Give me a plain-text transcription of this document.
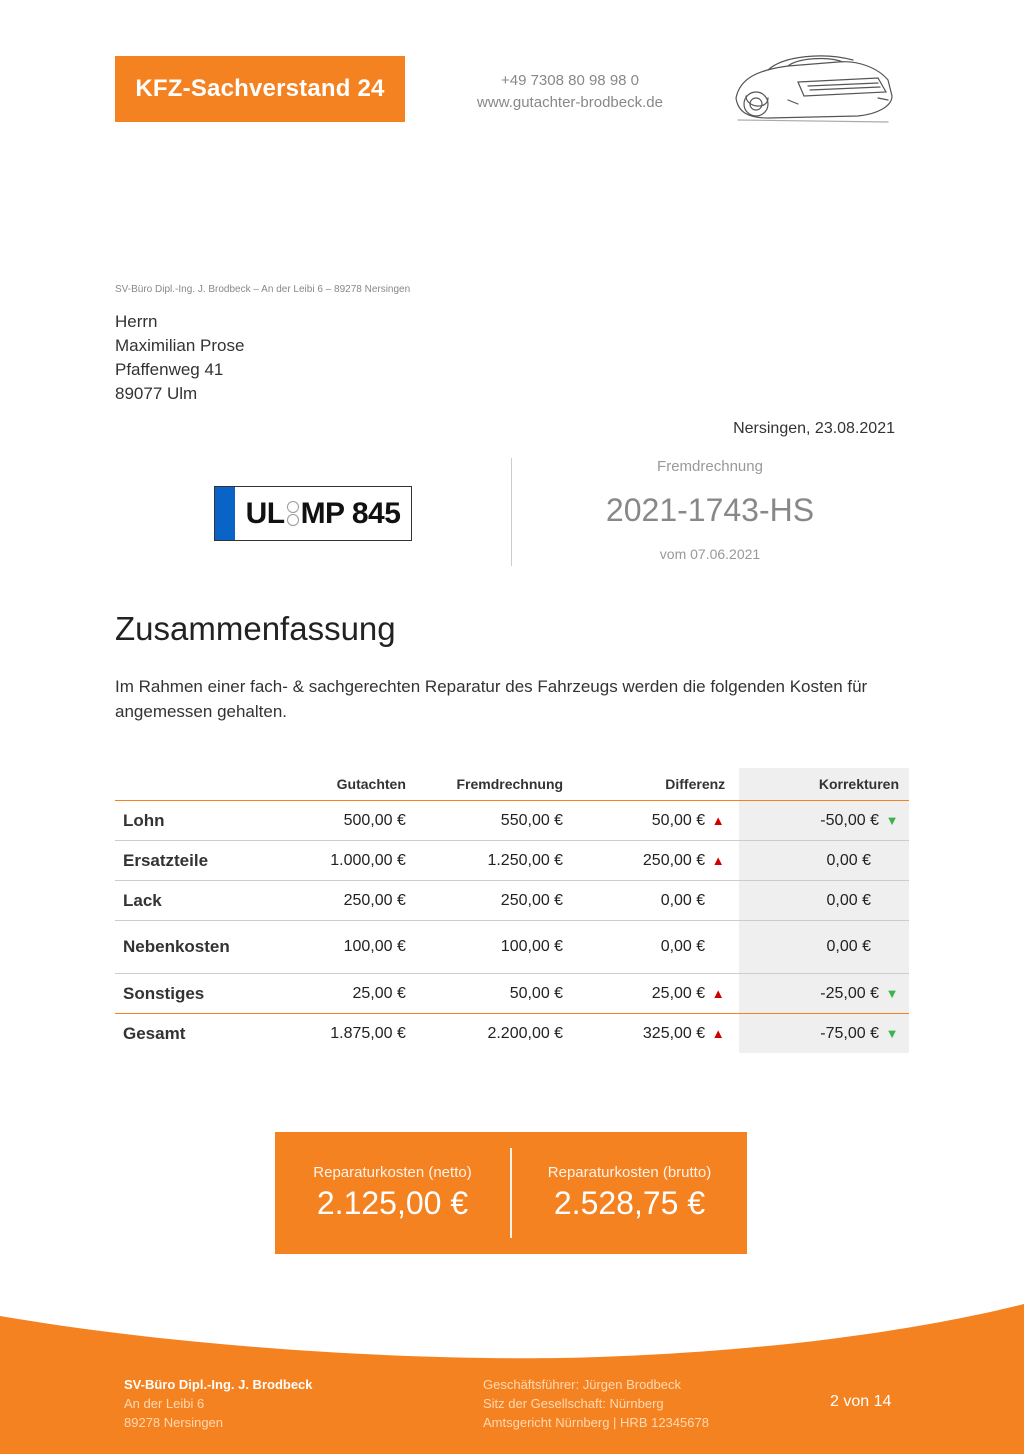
KFZ-Sachverstand 24	+49 7308 80 98 98 0
www.gutachter-brodbeck.de
SV-Büro Dipl.-Ing. J. Brodbeck – An der Leibi 6 – 89278 Nersingen
Herrn
Maximilian Prose
Pfaffenweg 41
89077 Ulm
Nersingen, 23.08.2021
UL MP 845
Fremdrechnung
2021-1743-HS
vom 07.06.2021
Zusammenfassung
Im Rahmen einer fach- & sachgerechten Reparatur des Fahrzeugs werden die folgenden Kosten für angemessen gehalten.
	Gutachten	Fremdrechnung	Differenz	Korrekturen
Lohn	500,00 €	550,00 €	50,00 € ▲	-50,00 € ▼
Ersatzteile	1.000,00 €	1.250,00 €	250,00 € ▲	0,00 €
Lack	250,00 €	250,00 €	0,00 €	0,00 €
Nebenkosten	100,00 €	100,00 €	0,00 €	0,00 €
Sonstiges	25,00 €	50,00 €	25,00 € ▲	-25,00 € ▼
Gesamt	1.875,00 €	2.200,00 €	325,00 € ▲	-75,00 € ▼
Reparaturkosten (netto)
2.125,00 €
Reparaturkosten (brutto)
2.528,75 €
SV-Büro Dipl.-Ing. J. Brodbeck
An der Leibi 6
89278 Nersingen
Geschäftsführer: Jürgen Brodbeck
Sitz der Gesellschaft: Nürnberg
Amtsgericht Nürnberg | HRB 12345678
2 von 14
